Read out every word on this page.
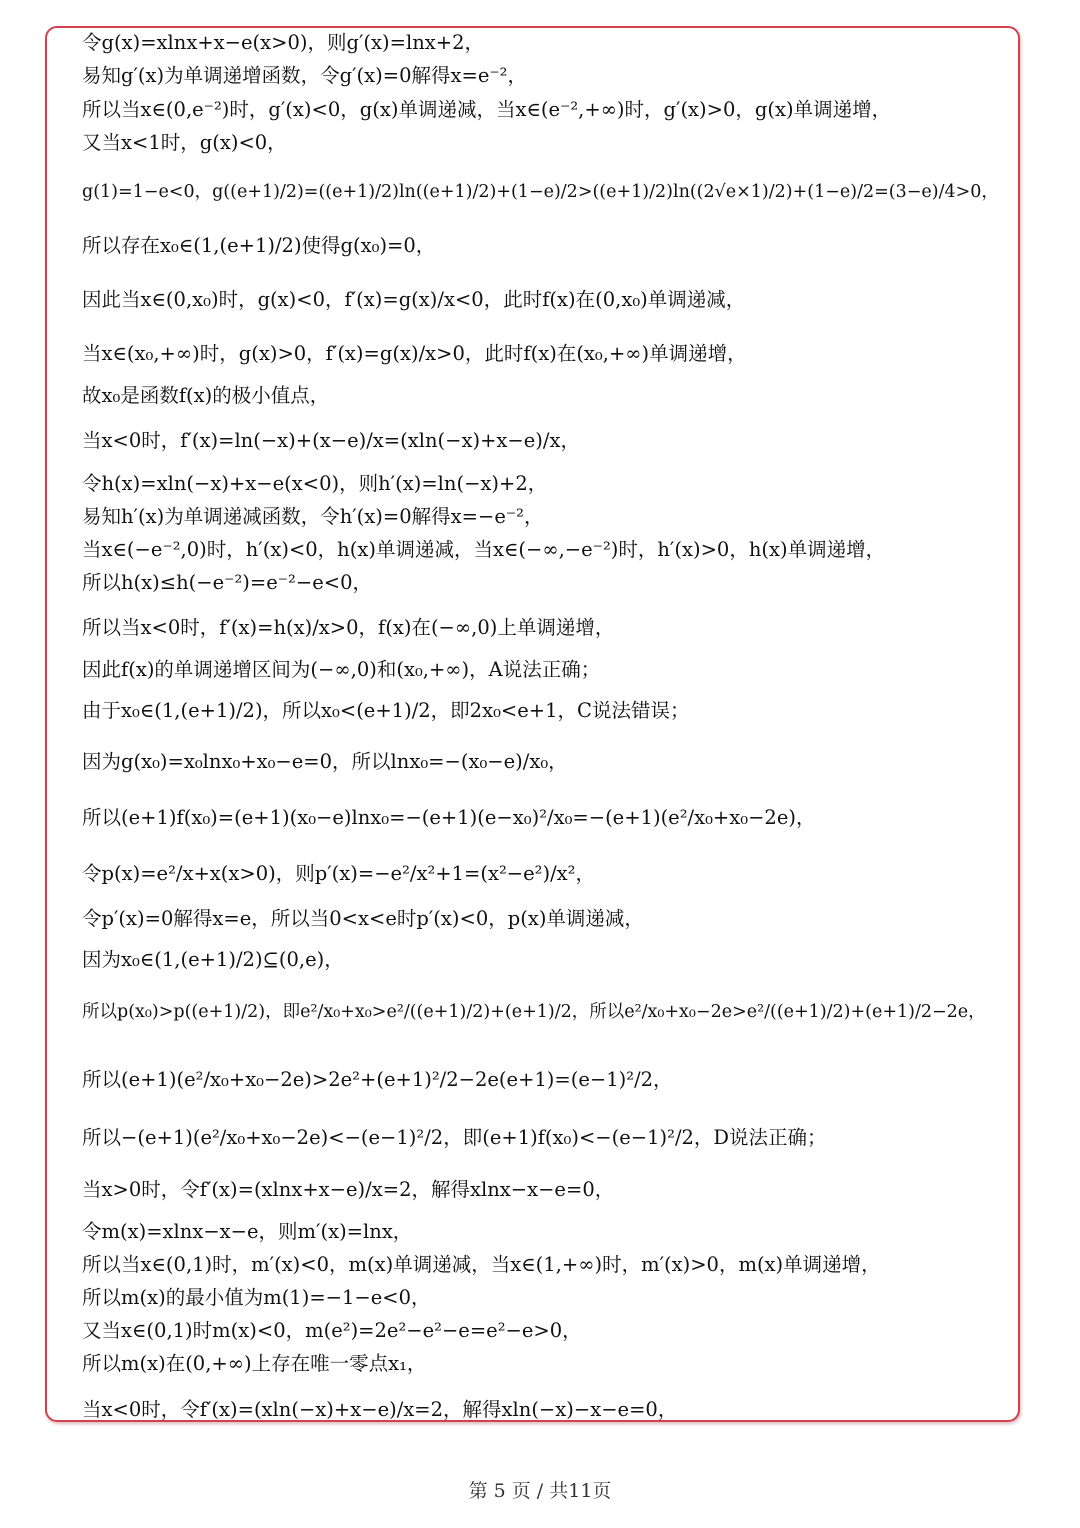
令g(x)=xlnx+x−e(x>0)，则g′(x)=lnx+2，
易知g′(x)为单调递增函数，令g′(x)=0解得x=e⁻²，
所以当x∈(0,e⁻²)时，g′(x)<0，g(x)单调递减，当x∈(e⁻²,+∞)时，g′(x)>0，g(x)单调递增，
又当x<1时，g(x)<0，
g(1)=1−e<0，g((e+1)/2)=((e+1)/2)ln((e+1)/2)+(1−e)/2>((e+1)/2)ln((2√e×1)/2)+(1−e)/2=(3−e)/4>0，
所以存在x₀∈(1,(e+1)/2)使得g(x₀)=0，
因此当x∈(0,x₀)时，g(x)<0，f′(x)=g(x)/x<0，此时f(x)在(0,x₀)单调递减，
当x∈(x₀,+∞)时，g(x)>0，f′(x)=g(x)/x>0，此时f(x)在(x₀,+∞)单调递增，
故x₀是函数f(x)的极小值点，
当x<0时，f′(x)=ln(−x)+(x−e)/x=(xln(−x)+x−e)/x，
令h(x)=xln(−x)+x−e(x<0)，则h′(x)=ln(−x)+2，
易知h′(x)为单调递减函数，令h′(x)=0解得x=−e⁻²，
当x∈(−e⁻²,0)时，h′(x)<0，h(x)单调递减，当x∈(−∞,−e⁻²)时，h′(x)>0，h(x)单调递增，
所以h(x)≤h(−e⁻²)=e⁻²−e<0，
所以当x<0时，f′(x)=h(x)/x>0，f(x)在(−∞,0)上单调递增，
因此f(x)的单调递增区间为(−∞,0)和(x₀,+∞)，A说法正确；
由于x₀∈(1,(e+1)/2)，所以x₀<(e+1)/2，即2x₀<e+1，C说法错误；
因为g(x₀)=x₀lnx₀+x₀−e=0，所以lnx₀=−(x₀−e)/x₀，
所以(e+1)f(x₀)=(e+1)(x₀−e)lnx₀=−(e+1)(e−x₀)²/x₀=−(e+1)(e²/x₀+x₀−2e)，
令p(x)=e²/x+x(x>0)，则p′(x)=−e²/x²+1=(x²−e²)/x²，
令p′(x)=0解得x=e，所以当0<x<e时p′(x)<0，p(x)单调递减，
因为x₀∈(1,(e+1)/2)⊆(0,e)，
所以p(x₀)>p((e+1)/2)，即e²/x₀+x₀>e²/((e+1)/2)+(e+1)/2，所以e²/x₀+x₀−2e>e²/((e+1)/2)+(e+1)/2−2e，
所以(e+1)(e²/x₀+x₀−2e)>2e²+(e+1)²/2−2e(e+1)=(e−1)²/2，
所以−(e+1)(e²/x₀+x₀−2e)<−(e−1)²/2，即(e+1)f(x₀)<−(e−1)²/2，D说法正确；
当x>0时，令f′(x)=(xlnx+x−e)/x=2，解得xlnx−x−e=0，
令m(x)=xlnx−x−e，则m′(x)=lnx，
所以当x∈(0,1)时，m′(x)<0，m(x)单调递减，当x∈(1,+∞)时，m′(x)>0，m(x)单调递增，
所以m(x)的最小值为m(1)=−1−e<0，
又当x∈(0,1)时m(x)<0，m(e²)=2e²−e²−e=e²−e>0，
所以m(x)在(0,+∞)上存在唯一零点x₁，
当x<0时，令f′(x)=(xln(−x)+x−e)/x=2，解得xln(−x)−x−e=0，
第 5 页 / 共11页
